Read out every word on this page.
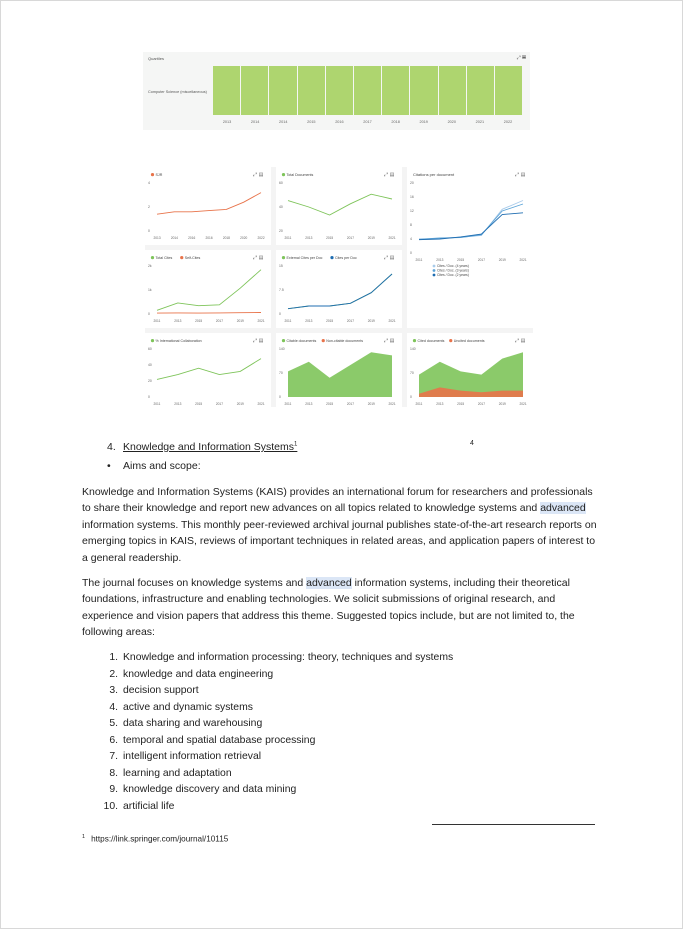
Quartiles	⤢ ▤
Computer Science (miscellaneous)
2013	2014	2014	2015	2016	2017	2018	2019	2020	2021	2022
SJR	⤢ ▤
4
2
0
2013	2014	2016	2016	2018	2020	2022
Total Documents	⤢ ▤
60
40
20
2011	2013	2015	2017	2019	2021
Citations per document	⤢ ▤
20
16
12
8
4
0
2011	2013	2015	2017	2019	2021
Cites / Doc. (4 years)
Cites / Doc. (3 years)
Cites / Doc. (2 years)
Total Cites	Self-Cites	⤢ ▤
2k
1k
0
2011	2013	2015	2017	2019	2021
External Cites per Doc	Cites per Doc	⤢ ▤
15
7.5
0
2011	2013	2015	2017	2019	2021
% International Collaboration	⤢ ▤
60
40
20
0
2011	2013	2015	2017	2019	2021
Citable documents	Non-citable documents	⤢ ▤
140
70
0
2011	2013	2015	2017	2019	2021
Cited documents	Uncited documents	⤢ ▤
140
70
0
2011	2013	2015	2017	2019	2021
4. Knowledge and Information Systems$^1$	4
• Aims and scope:
Knowledge and Information Systems (KAIS) provides an international forum for researchers and professionals to share their knowledge and report new advances on all topics related to knowledge systems and advanced information systems. This monthly peer-reviewed archival journal publishes state-of-the-art research reports on emerging topics in KAIS, reviews of important techniques in related areas, and application papers of interest to a general readership.
The journal focuses on knowledge systems and advanced information systems, including their theoretical foundations, infrastructure and enabling technologies. We solicit submissions of original research, and experience and vision papers that address this theme. Suggested topics include, but are not limited to, the following areas:
1. Knowledge and information processing: theory, techniques and systems
2. knowledge and data engineering
3. decision support
4. active and dynamic systems
5. data sharing and warehousing
6. temporal and spatial database processing
7. intelligent information retrieval
8. learning and adaptation
9. knowledge discovery and data mining
10. artificial life
$^1$ https://link.springer.com/journal/10115
